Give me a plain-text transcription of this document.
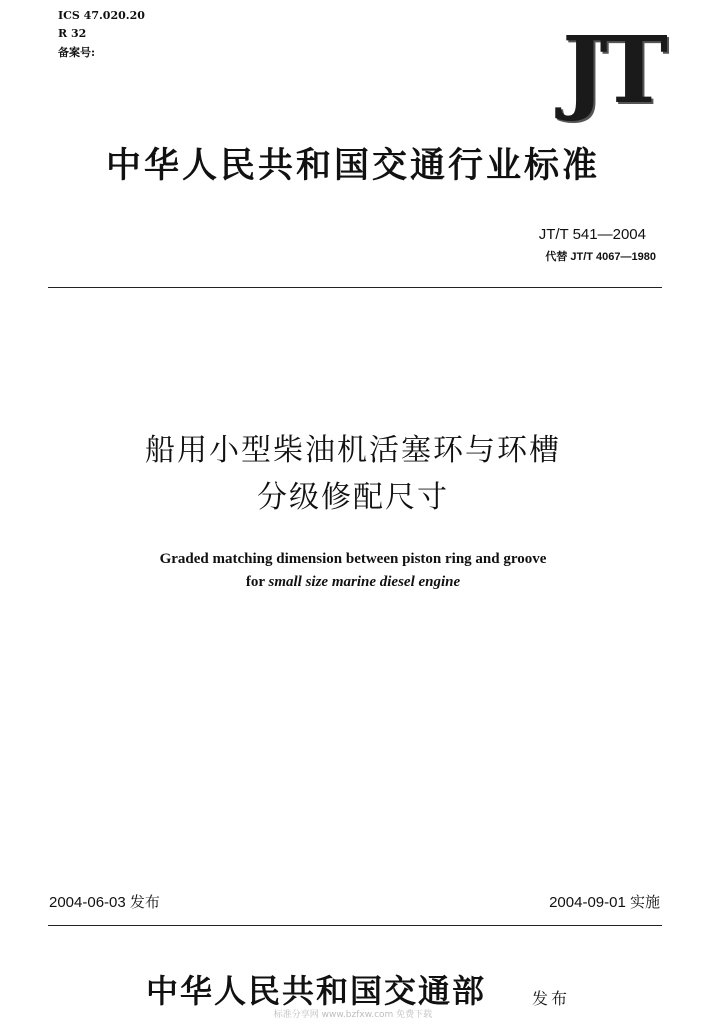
ICS 47.020.20
R 32
备案号:	JT
中华人民共和国交通行业标准
JT/T 541—2004
代替 JT/T 4067—1980
船用小型柴油机活塞环与环槽
分级修配尺寸
Graded matching dimension between piston ring and groove
for small size marine diesel engine
2004-06-03 发布	2004-09-01 实施
中华人民共和国交通部	发布
标准分享网 www.bzfxw.com 免费下载
